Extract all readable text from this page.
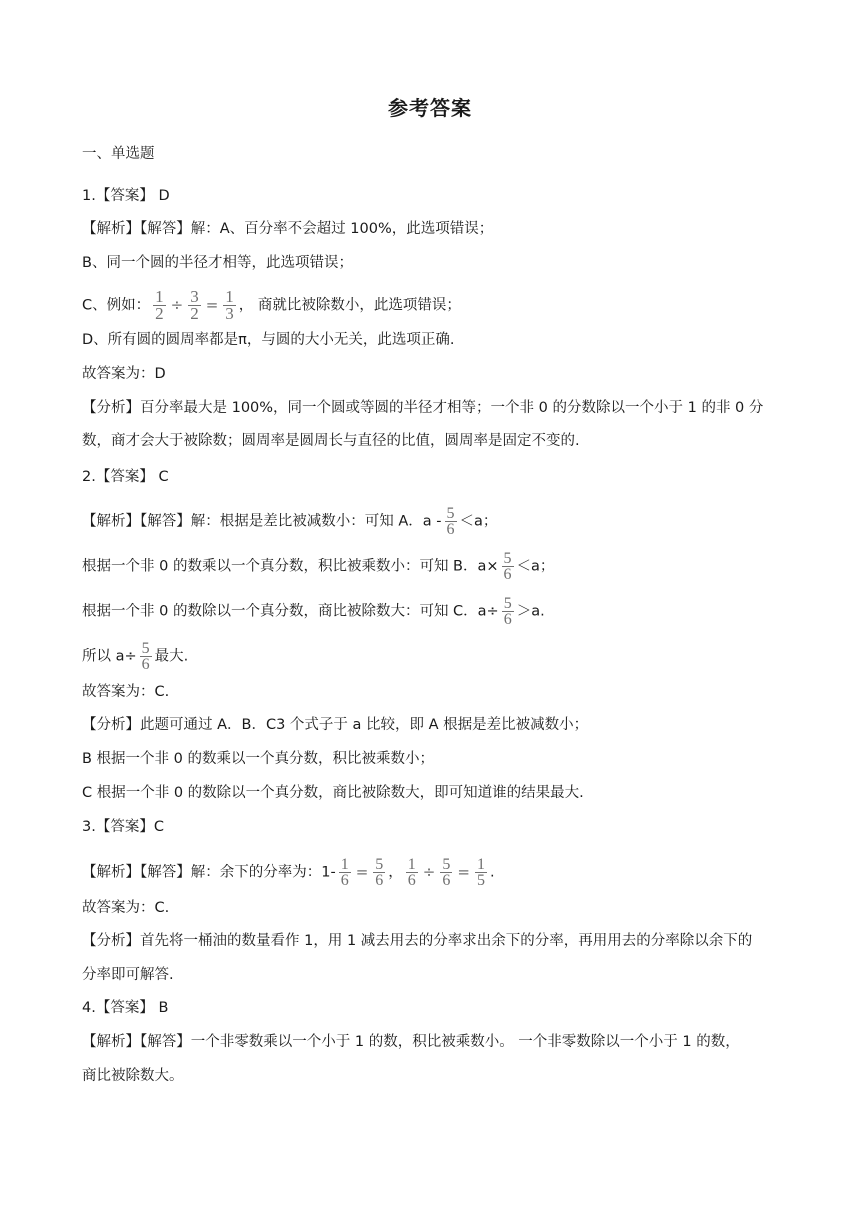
参考答案
一、单选题
1.【答案】 D
【解析】【解答】解：A、百分率不会超过 100%，此选项错误；
B、同一个圆的半径才相等，此选项错误；
C、例如： $\frac{1}{2} \div \frac{3}{2} = \frac{1}{3}$ ， 商就比被除数小，此选项错误；
D、所有圆的圆周率都是π，与圆的大小无关，此选项正确.
故答案为：D
【分析】百分率最大是 100%，同一个圆或等圆的半径才相等；一个非 0 的分数除以一个小于 1 的非 0 分
数，商才会大于被除数；圆周率是圆周长与直径的比值，圆周率是固定不变的.
2.【答案】 C
【解析】【解答】解：根据是差比被减数小：可知 A．$a - \frac{5}{6} <a$；
根据一个非 0 的数乘以一个真分数，积比被乘数小：可知 B．$a\times \frac{5}{6} <a$；
根据一个非 0 的数除以一个真分数，商比被除数大：可知 C．$a\div \frac{5}{6} >a$.
所以 $a\div \frac{5}{6}$ 最大.
故答案为：C.
【分析】此题可通过 A．B．C3 个式子于 a 比较，即 A 根据是差比被减数小；
B 根据一个非 0 的数乘以一个真分数，积比被乘数小；
C 根据一个非 0 的数除以一个真分数，商比被除数大，即可知道谁的结果最大.
3.【答案】C
【解析】【解答】解：余下的分率为：$1- \frac{1}{6} = \frac{5}{6}$ ， $\frac{1}{6} \div \frac{5}{6} = \frac{1}{5}$ .
故答案为：C.
【分析】首先将一桶油的数量看作 1，用 1 减去用去的分率求出余下的分率，再用用去的分率除以余下的
分率即可解答.
4.【答案】 B
【解析】【解答】一个非零数乘以一个小于 1 的数，积比被乘数小。 一个非零数除以一个小于 1 的数，
商比被除数大。
